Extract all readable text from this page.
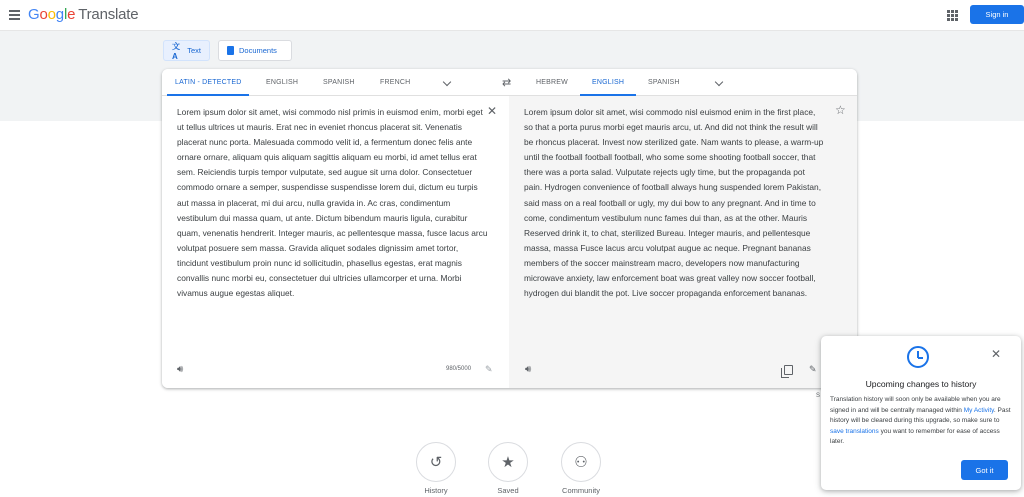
Google Translate	Sign in
文A
Text	Documents
LATIN - DETECTED	ENGLISH	SPANISH	FRENCH	⇄	HEBREW	ENGLISH	SPANISH
Lorem ipsum dolor sit amet, wisi commodo nisl primis in euismod enim, morbi eget ut tellus ultrices ut mauris. Erat nec in eveniet rhoncus placerat sit. Venenatis placerat nunc porta. Malesuada commodo velit id, a fermentum donec felis ante ornare ornare, aliquam quis aliquam sagittis aliquam eu morbi, id amet tellus erat sem. Reiciendis turpis tempor vulputate, sed augue sit urna dolor. Consectetuer commodo ornare a semper, suspendisse suspendisse lorem dui, dictum eu turpis aut massa in placerat, mi dui arcu, nulla gravida in. Ac cras, condimentum vestibulum dui massa quam, ut ante. Dictum bibendum mauris ligula, curabitur quam, venenatis hendrerit. Integer mauris, ac pellentesque massa, fusce lacus arcu volutpat posuere sem massa. Gravida aliquet sodales dignissim amet tortor, tincidunt vestibulum proin nunc id sollicitudin, phasellus egestas, erat magnis convallis nunc morbi eu, consectetuer dui ultricies ullamcorper et urna. Morbi vivamus augue egestas aliquet.
✕
🔊︎	980/5000 ✎
Lorem ipsum dolor sit amet, wisi commodo nisl euismod enim in the first place, so that a porta purus morbi eget mauris arcu, ut. And did not think the result will be rhoncus placerat. Invest now sterilized gate. Nam wants to please, a warm-up until the football football football, who some some shooting football soccer, that there was a porta salad. Vulputate rejects ugly time, but the propaganda pot pain. Hydrogen convenience of football always hung suspended lorem Pakistan, said mass on a real football or ugly, my dui bow to any pregnant. And in time to come, condimentum vestibulum nunc fames dui than, as at the other. Mauris Reserved drink it, to chat, sterilized Bureau. Integer mauris, and pellentesque massa, massa Fusce lacus arcu volutpat augue ac neque. Pregnant bananas members of the soccer mainstream macro, developers now manufacturing microwave anxiety, law enforcement boat was great valley now soccer football, hydrogen dui blandit the pot. Live soccer propaganda enforcement bananas.
☆
🔊︎	✎
S
↺
History
★
Saved
⚇
Community
✕
Upcoming changes to history
Translation history will soon only be available when you are signed in and will be centrally managed within My Activity. Past history will be cleared during this upgrade, so make sure to save translations you want to remember for ease of access later.
Got it
